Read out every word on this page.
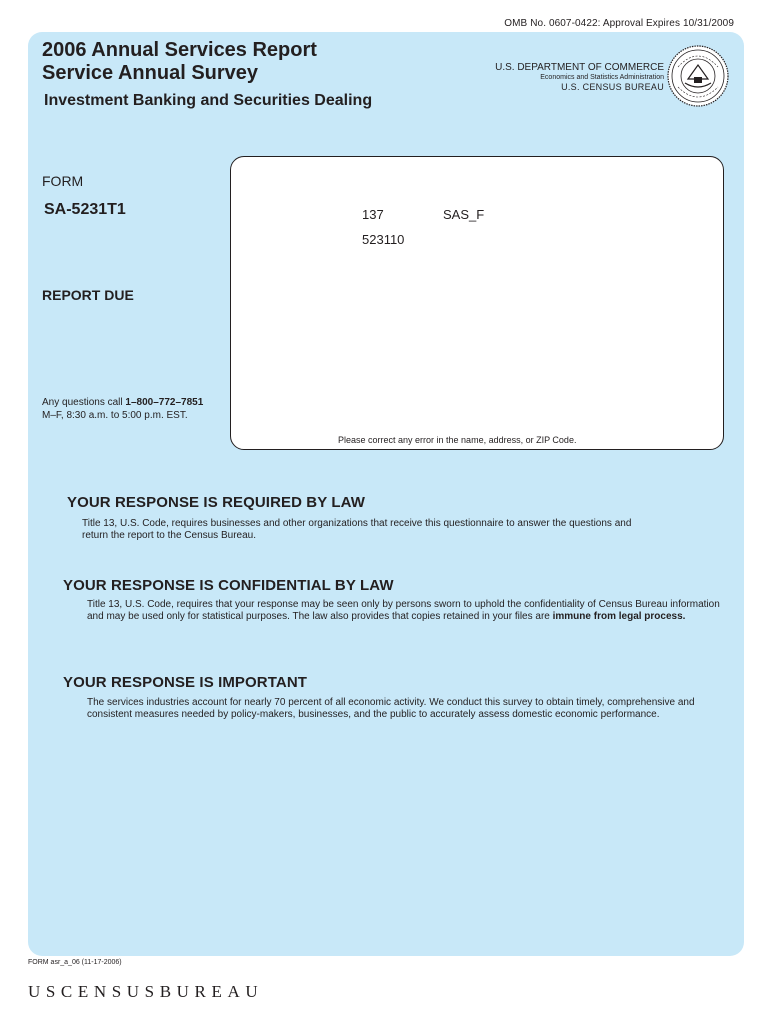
OMB No. 0607-0422: Approval Expires 10/31/2009
2006 Annual Services Report
Service Annual Survey
Investment Banking and Securities Dealing
U.S. DEPARTMENT OF COMMERCE
Economics and Statistics Administration
U.S. CENSUS BUREAU
FORM
SA-5231T1
REPORT DUE
Any questions call 1–800–772–7851
M–F, 8:30 a.m. to 5:00 p.m. EST.
137	SAS_F
523110
Please correct any error in the name, address, or ZIP Code.
YOUR RESPONSE IS REQUIRED BY LAW
Title 13, U.S. Code, requires businesses and other organizations that receive this questionnaire to answer the questions and return the report to the Census Bureau.
YOUR RESPONSE IS CONFIDENTIAL BY LAW
Title 13, U.S. Code, requires that your response may be seen only by persons sworn to uphold the confidentiality of Census Bureau information and may be used only for statistical purposes. The law also provides that copies retained in your files are immune from legal process.
YOUR RESPONSE IS IMPORTANT
The services industries account for nearly 70 percent of all economic activity. We conduct this survey to obtain timely, comprehensive and consistent measures needed by policy-makers, businesses, and the public to accurately assess domestic economic performance.
FORM asr_a_06 (11-17-2006)
USCENSUSBUREAU
